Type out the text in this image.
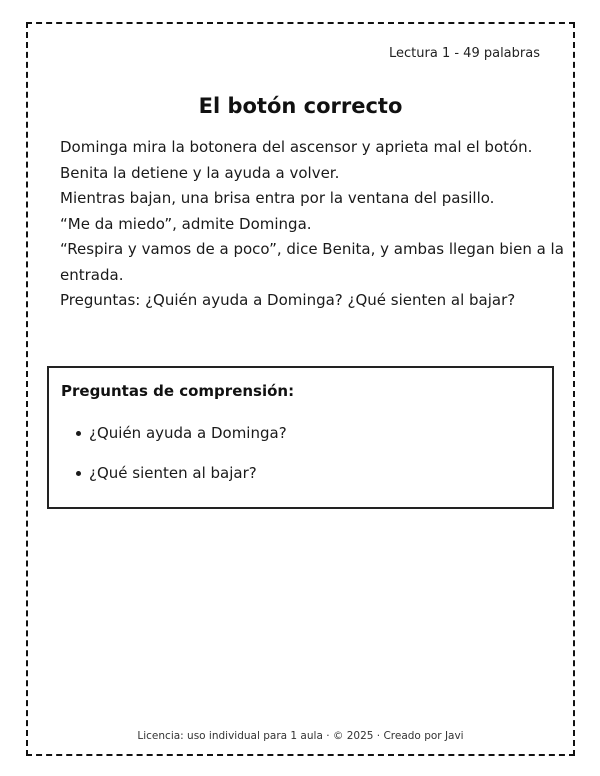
Lectura 1 - 49 palabras
El botón correcto
Dominga mira la botonera del ascensor y aprieta mal el botón.
Benita la detiene y la ayuda a volver.
Mientras bajan, una brisa entra por la ventana del pasillo.
“Me da miedo”, admite Dominga.
“Respira y vamos de a poco”, dice Benita, y ambas llegan bien a la
entrada.
Preguntas: ¿Quién ayuda a Dominga? ¿Qué sienten al bajar?
Preguntas de comprensión:
¿Quién ayuda a Dominga?
¿Qué sienten al bajar?
Licencia: uso individual para 1 aula · © 2025 · Creado por Javi
